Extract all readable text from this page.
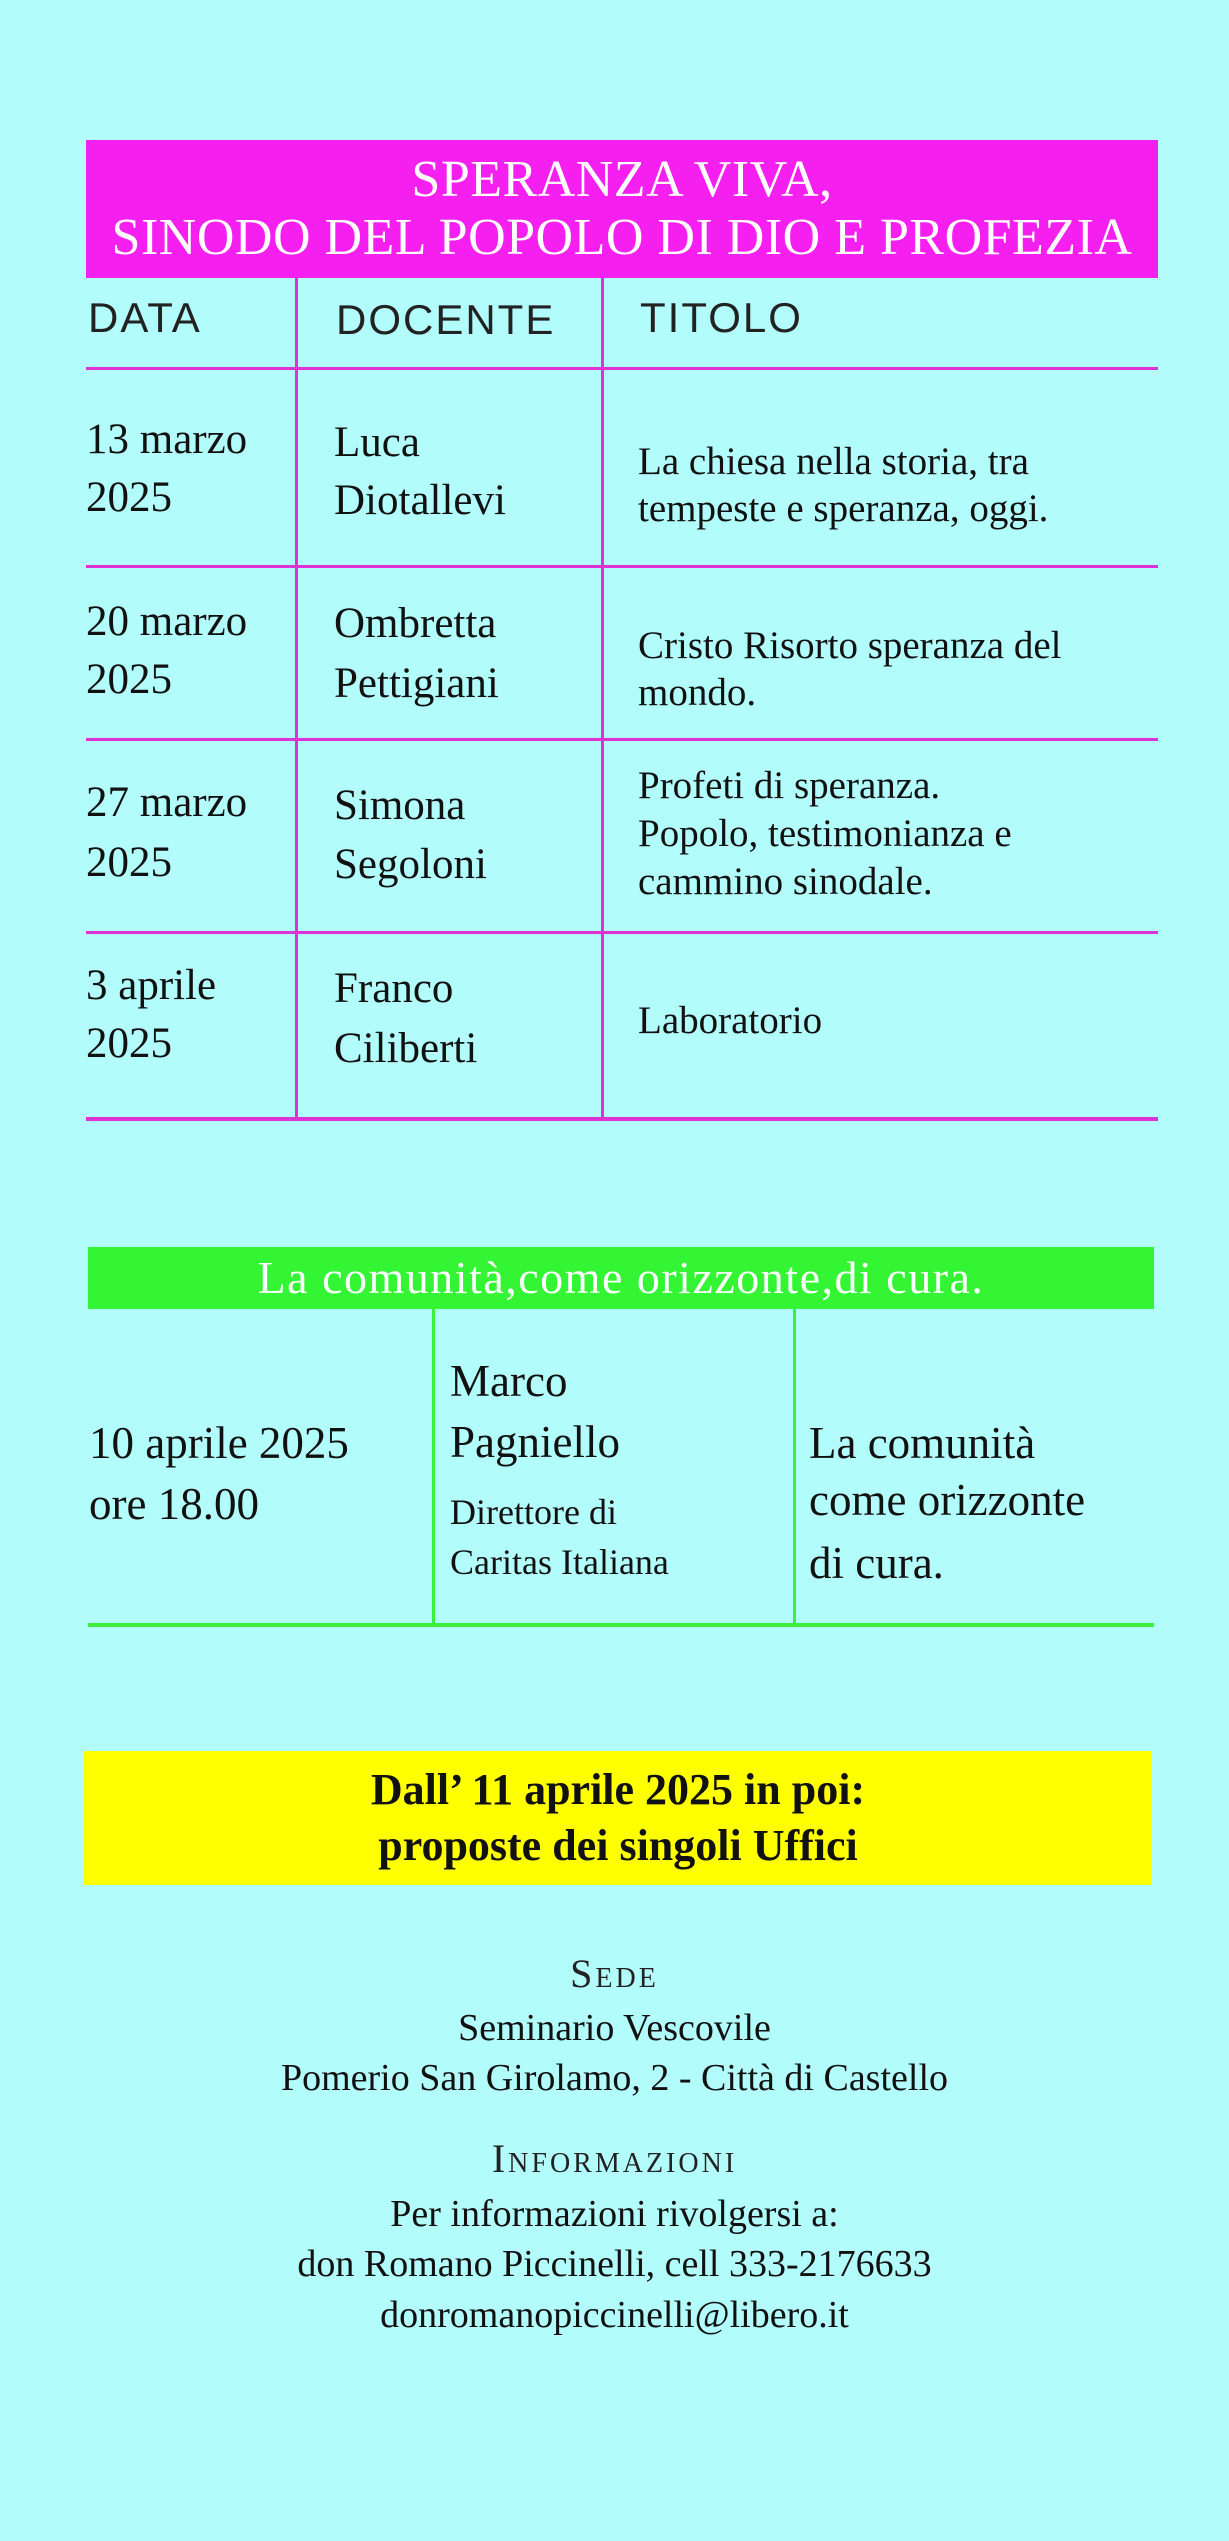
SPERANZA VIVA,
SINODO DEL POPOLO DI DIO E PROFEZIA
DATA	DOCENTE TITOLO
13 marzo
2025
Luca
Diotallevi
La chiesa nella storia, tra
tempeste e speranza, oggi.
20 marzo
2025
Ombretta
Pettigiani
Cristo Risorto speranza del
mondo.
27 marzo
2025
Simona
Segoloni
Profeti di speranza.
Popolo, testimonianza e
cammino sinodale.
3 aprile
2025
Franco
Ciliberti
Laboratorio
La comunità,come orizzonte,di cura.
10 aprile 2025
ore 18.00
Marco
Pagniello
Direttore di
Caritas Italiana
La comunità
come orizzonte
di cura.
Dall’ 11 aprile 2025 in poi:
proposte dei singoli Uffici
Sede
Seminario Vescovile
Pomerio San Girolamo, 2 - Città di Castello
Informazioni
Per informazioni rivolgersi a:
don Romano Piccinelli, cell 333-2176633
donromanopiccinelli@libero.it
